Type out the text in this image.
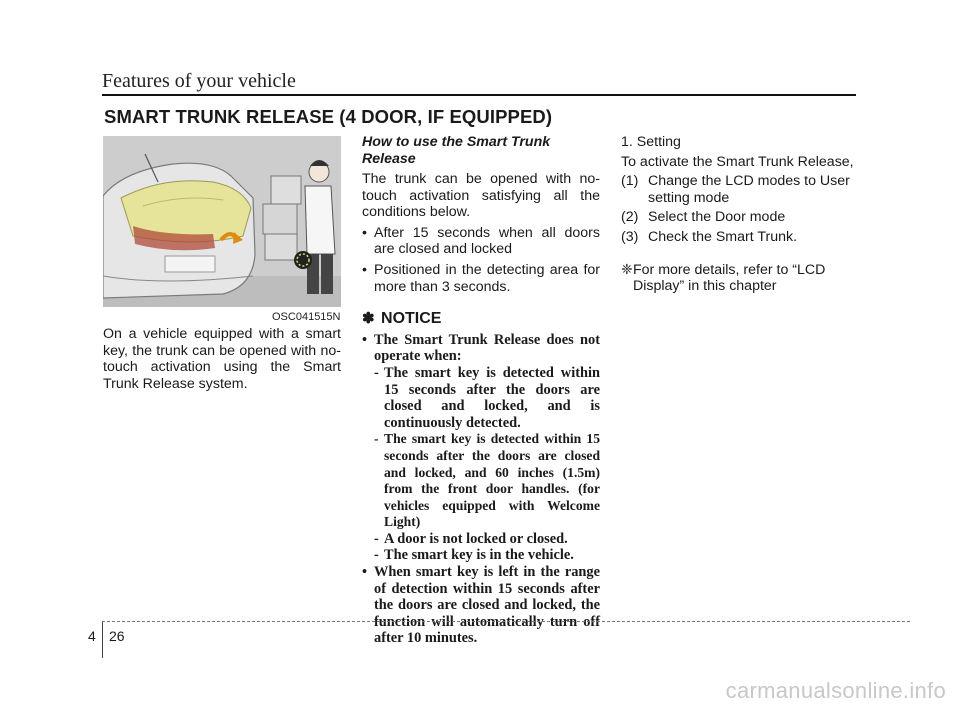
Features of your vehicle
SMART TRUNK RELEASE (4 DOOR, IF EQUIPPED)
OSC041515N

On a vehicle equipped with a smart key, the trunk can be opened with no-touch activation using the Smart Trunk Release system.

How to use the Smart Trunk Release

The trunk can be opened with no-touch activation satisfying all the conditions below.

• After 15 seconds when all doors are closed and locked

• Positioned in the detecting area for more than 3 seconds.

✽ NOTICE

• The Smart Trunk Release does not operate when:

- The smart key is detected within 15 seconds after the doors are closed and locked, and is continuously detected.

- The smart key is detected within 15 seconds after the doors are closed and locked, and 60 inches (1.5m) from the front door handles. (for vehicles equipped with Welcome Light)

- A door is not locked or closed.

- The smart key is in the vehicle.

• When smart key is left in the range of detection within 15 seconds after the doors are closed and locked, the function will automatically turn off after 10 minutes.

1. Setting

To activate the Smart Trunk Release,

(1) Change the LCD modes to User setting mode

(2) Select the Door mode

(3) Check the Smart Trunk.

❈ For more details, refer to “LCD Display” in this chapter

4 26
carmanualsonline.info
